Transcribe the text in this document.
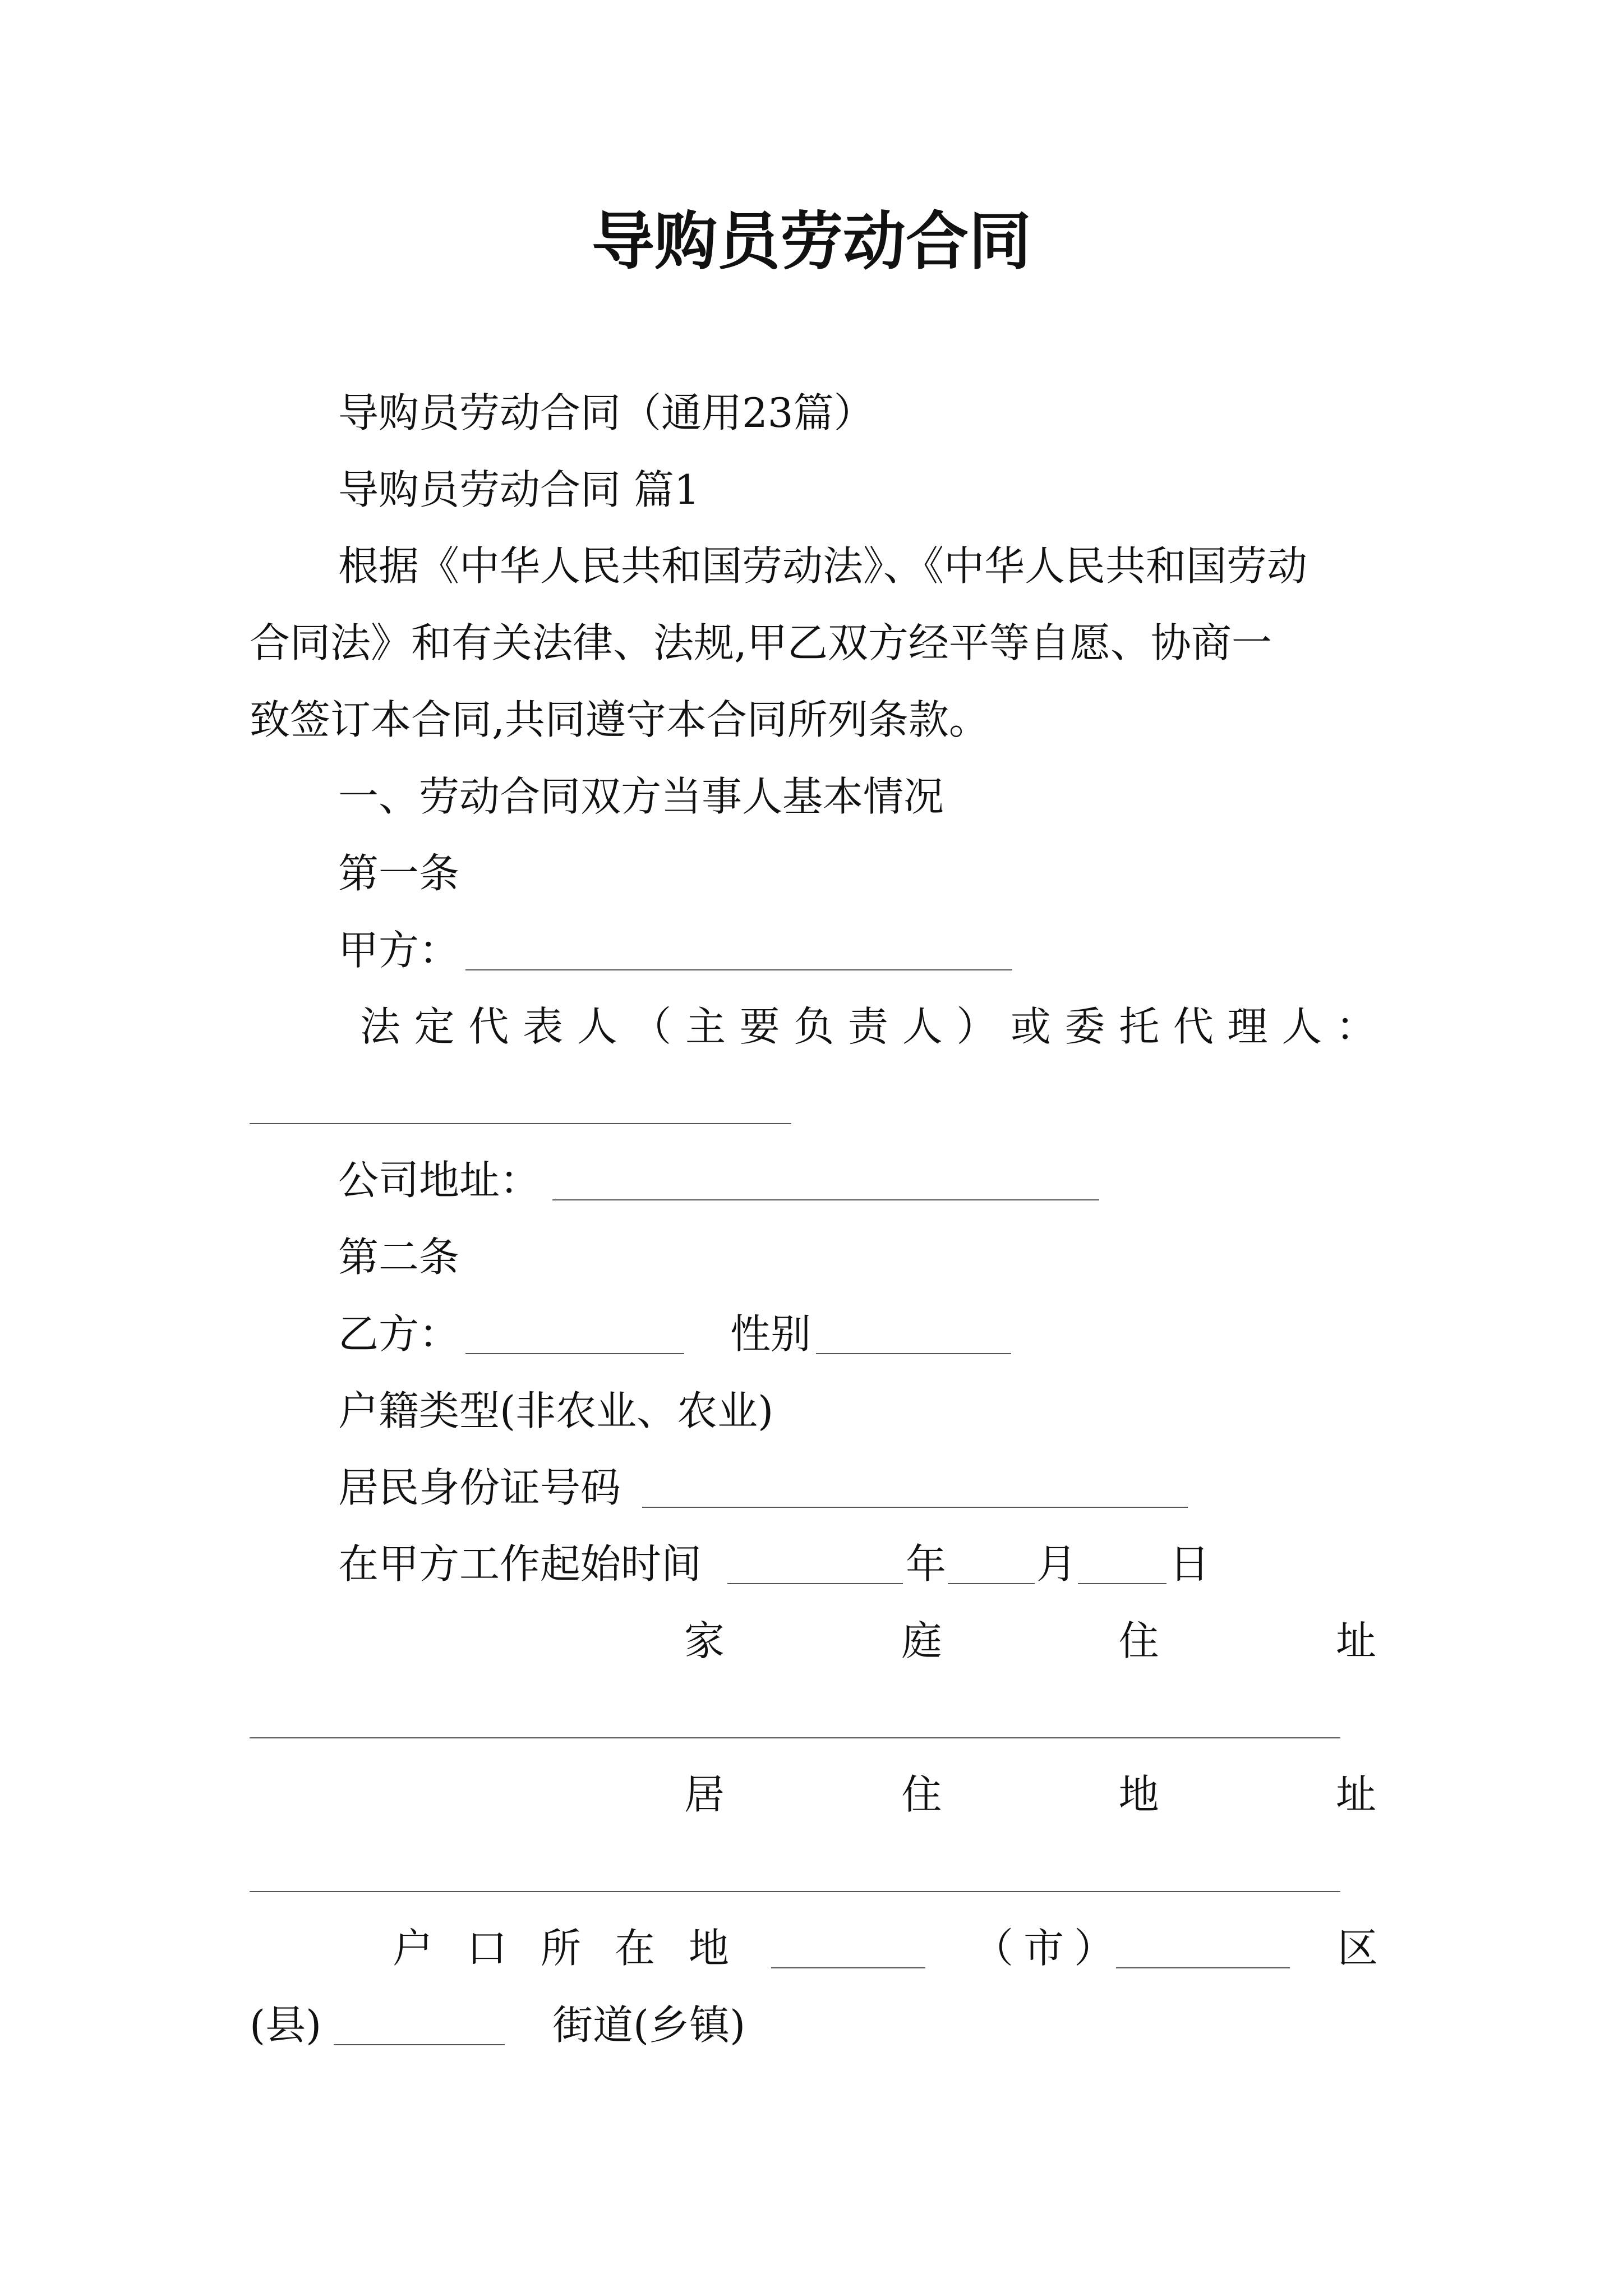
导购员劳动合同
导购员劳动合同（通用23篇）
导购员劳动合同 篇1
根据《中华人民共和国劳动法》、《中华人民共和国劳动
合同法》和有关法律、法规,甲乙双方经平等自愿、协商一
致签订本合同,共同遵守本合同所列条款。
一、劳动合同双方当事人基本情况
第一条
甲方：
法 定 代 表 人 （ 主 要 负 责 人 ） 或 委 托 代 理 人 ：
公司地址：
第二条
乙方：	性别
户籍类型(非农业、农业)
居民身份证号码
在甲方工作起始时间	年 月 日
家	庭	住	址
居	住	地	址
户 口 所 在 地	（ 市 ）	区
(县)	街道(乡镇)
